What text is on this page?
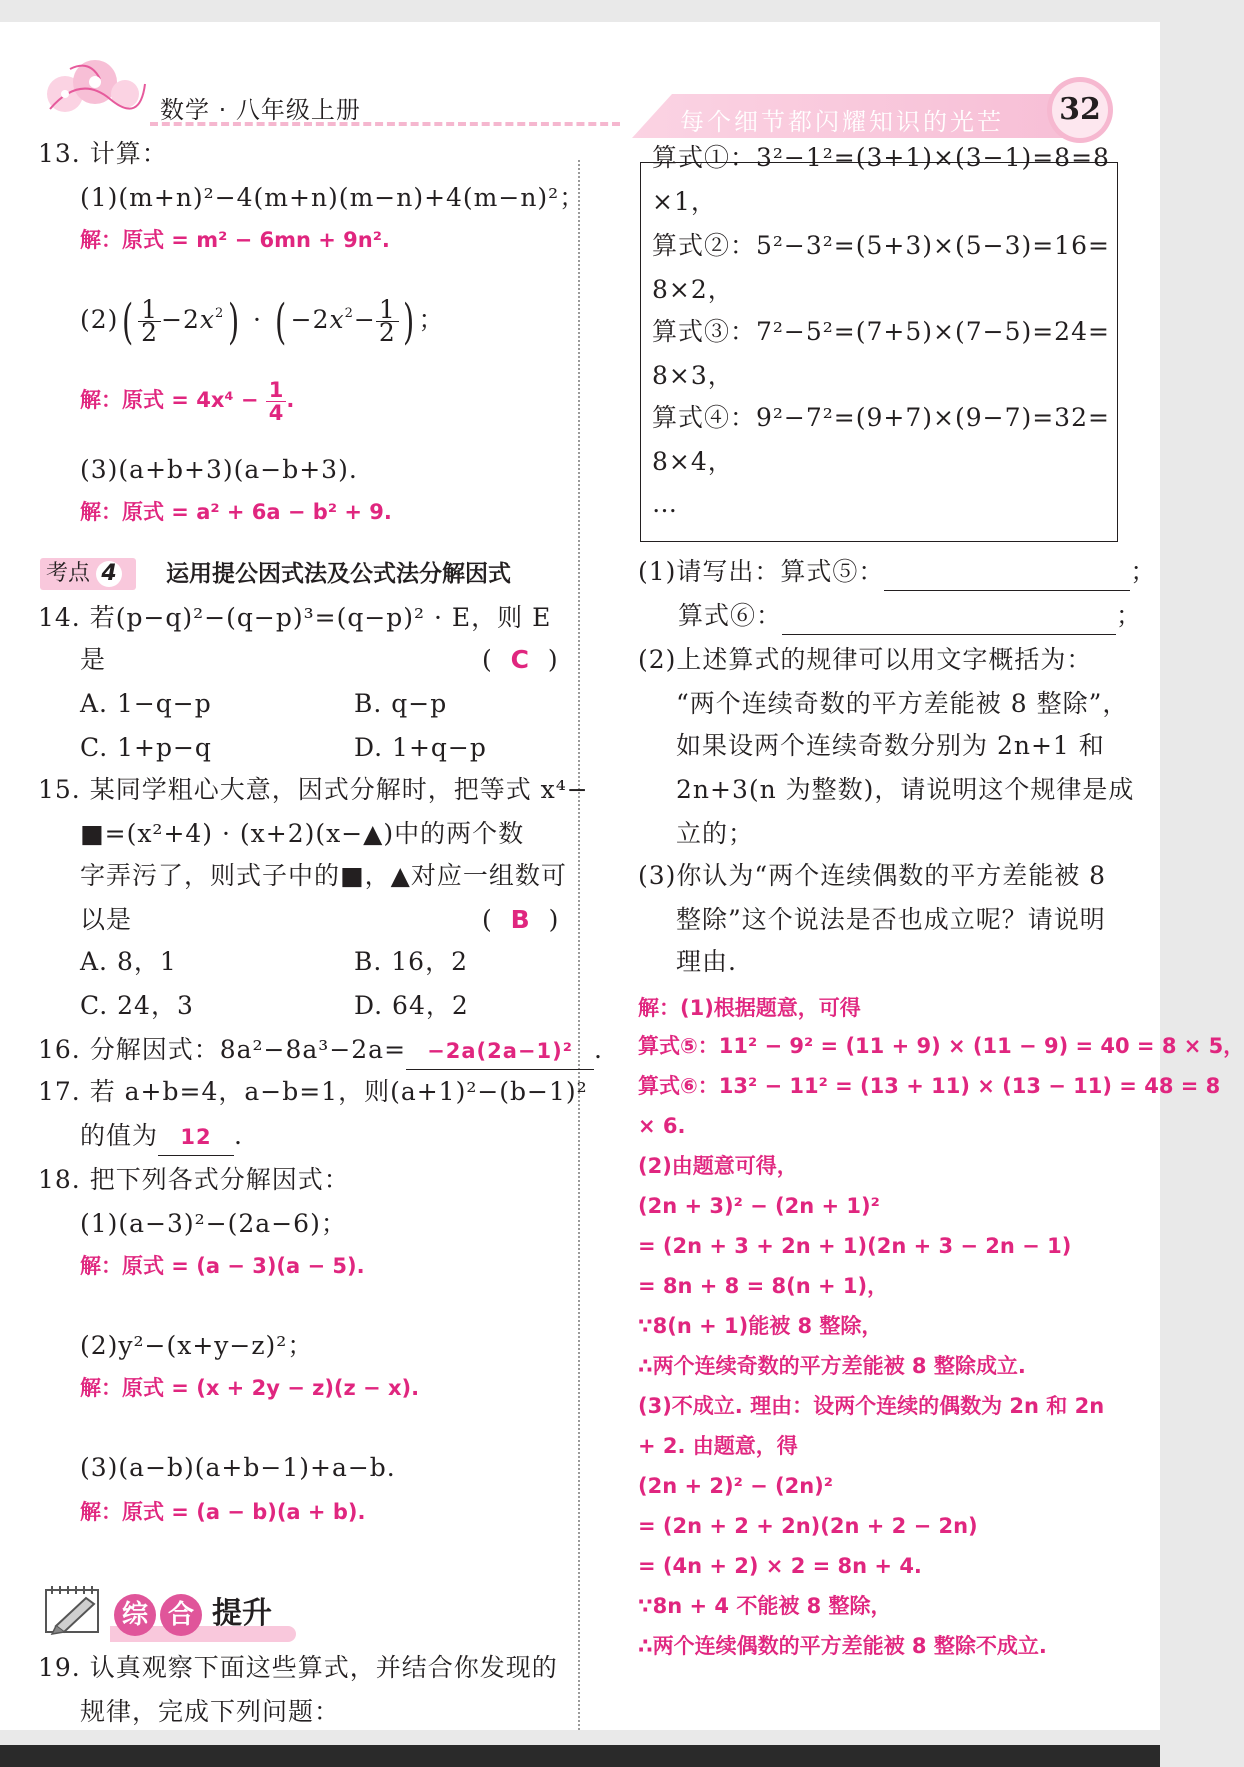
数学 · 八年级上册	每个细节都闪耀知识的光芒 32
13. 计算：
(1)(m+n)²−4(m+n)(m−n)+4(m−n)²；
解：原式 = m² − 6mn + 9n².
$(2)( \frac{1}{2} -2x^2)$ · ( $-2x^2- \frac{1}{2}$ ) ；
解：原式 = $4x^4 - \frac{1}{4}$ .
(3)(a+b+3)(a−b+3).
解：原式 = a² + 6a − b² + 9.
考点 4 运用提公因式法及公式法分解因式
14. 若(p−q)²−(q−p)³=(q−p)² · E，则 E
是	(  C  )
A. 1−q−p	B. q−p
C. 1+p−q	D. 1+q−p
15. 某同学粗心大意，因式分解时，把等式 x⁴−
■=(x²+4) · (x+2)(x−▲)中的两个数
字弄污了，则式子中的■，▲对应一组数可
以是	(  B  )
A. 8，1	B. 16，2
C. 24，3	D. 64，2
16. 分解因式：8a²−8a³−2a= −2a(2a−1)² .
17. 若 a+b=4，a−b=1，则(a+1)²−(b−1)²
的值为 12 .
18. 把下列各式分解因式：
(1)(a−3)²−(2a−6)；
解：原式 = (a − 3)(a − 5).
(2)y²−(x+y−z)²；
解：原式 = (x + 2y − z)(z − x).
(3)(a−b)(a+b−1)+a−b.
解：原式 = (a − b)(a + b).
综 合 提升
19. 认真观察下面这些算式，并结合你发现的
规律，完成下列问题：
算式①：3²−1²=(3+1)×(3−1)=8=8
×1，
算式②：5²−3²=(5+3)×(5−3)=16=
8×2，
算式③：7²−5²=(7+5)×(7−5)=24=
8×3，
算式④：9²−7²=(9+7)×(9−7)=32=
8×4，
…
(1)请写出：算式⑤：	；
算式⑥：	；
(2)上述算式的规律可以用文字概括为：
“两个连续奇数的平方差能被 8 整除”，
如果设两个连续奇数分别为 2n+1 和
2n+3(n 为整数)，请说明这个规律是成
立的；
(3)你认为“两个连续偶数的平方差能被 8
整除”这个说法是否也成立呢？请说明
理由.
解：(1)根据题意，可得
算式⑤：11² − 9² = (11 + 9) × (11 − 9) = 40 = 8 × 5，
算式⑥：13² − 11² = (13 + 11) × (13 − 11) = 48 = 8
× 6.
(2)由题意可得，
(2n + 3)² − (2n + 1)²
= (2n + 3 + 2n + 1)(2n + 3 − 2n − 1)
= 8n + 8 = 8(n + 1)，
∵8(n + 1)能被 8 整除，
∴两个连续奇数的平方差能被 8 整除成立.
(3)不成立. 理由：设两个连续的偶数为 2n 和 2n
+ 2. 由题意，得
(2n + 2)² − (2n)²
= (2n + 2 + 2n)(2n + 2 − 2n)
= (4n + 2) × 2 = 8n + 4.
∵8n + 4 不能被 8 整除，
∴两个连续偶数的平方差能被 8 整除不成立.
